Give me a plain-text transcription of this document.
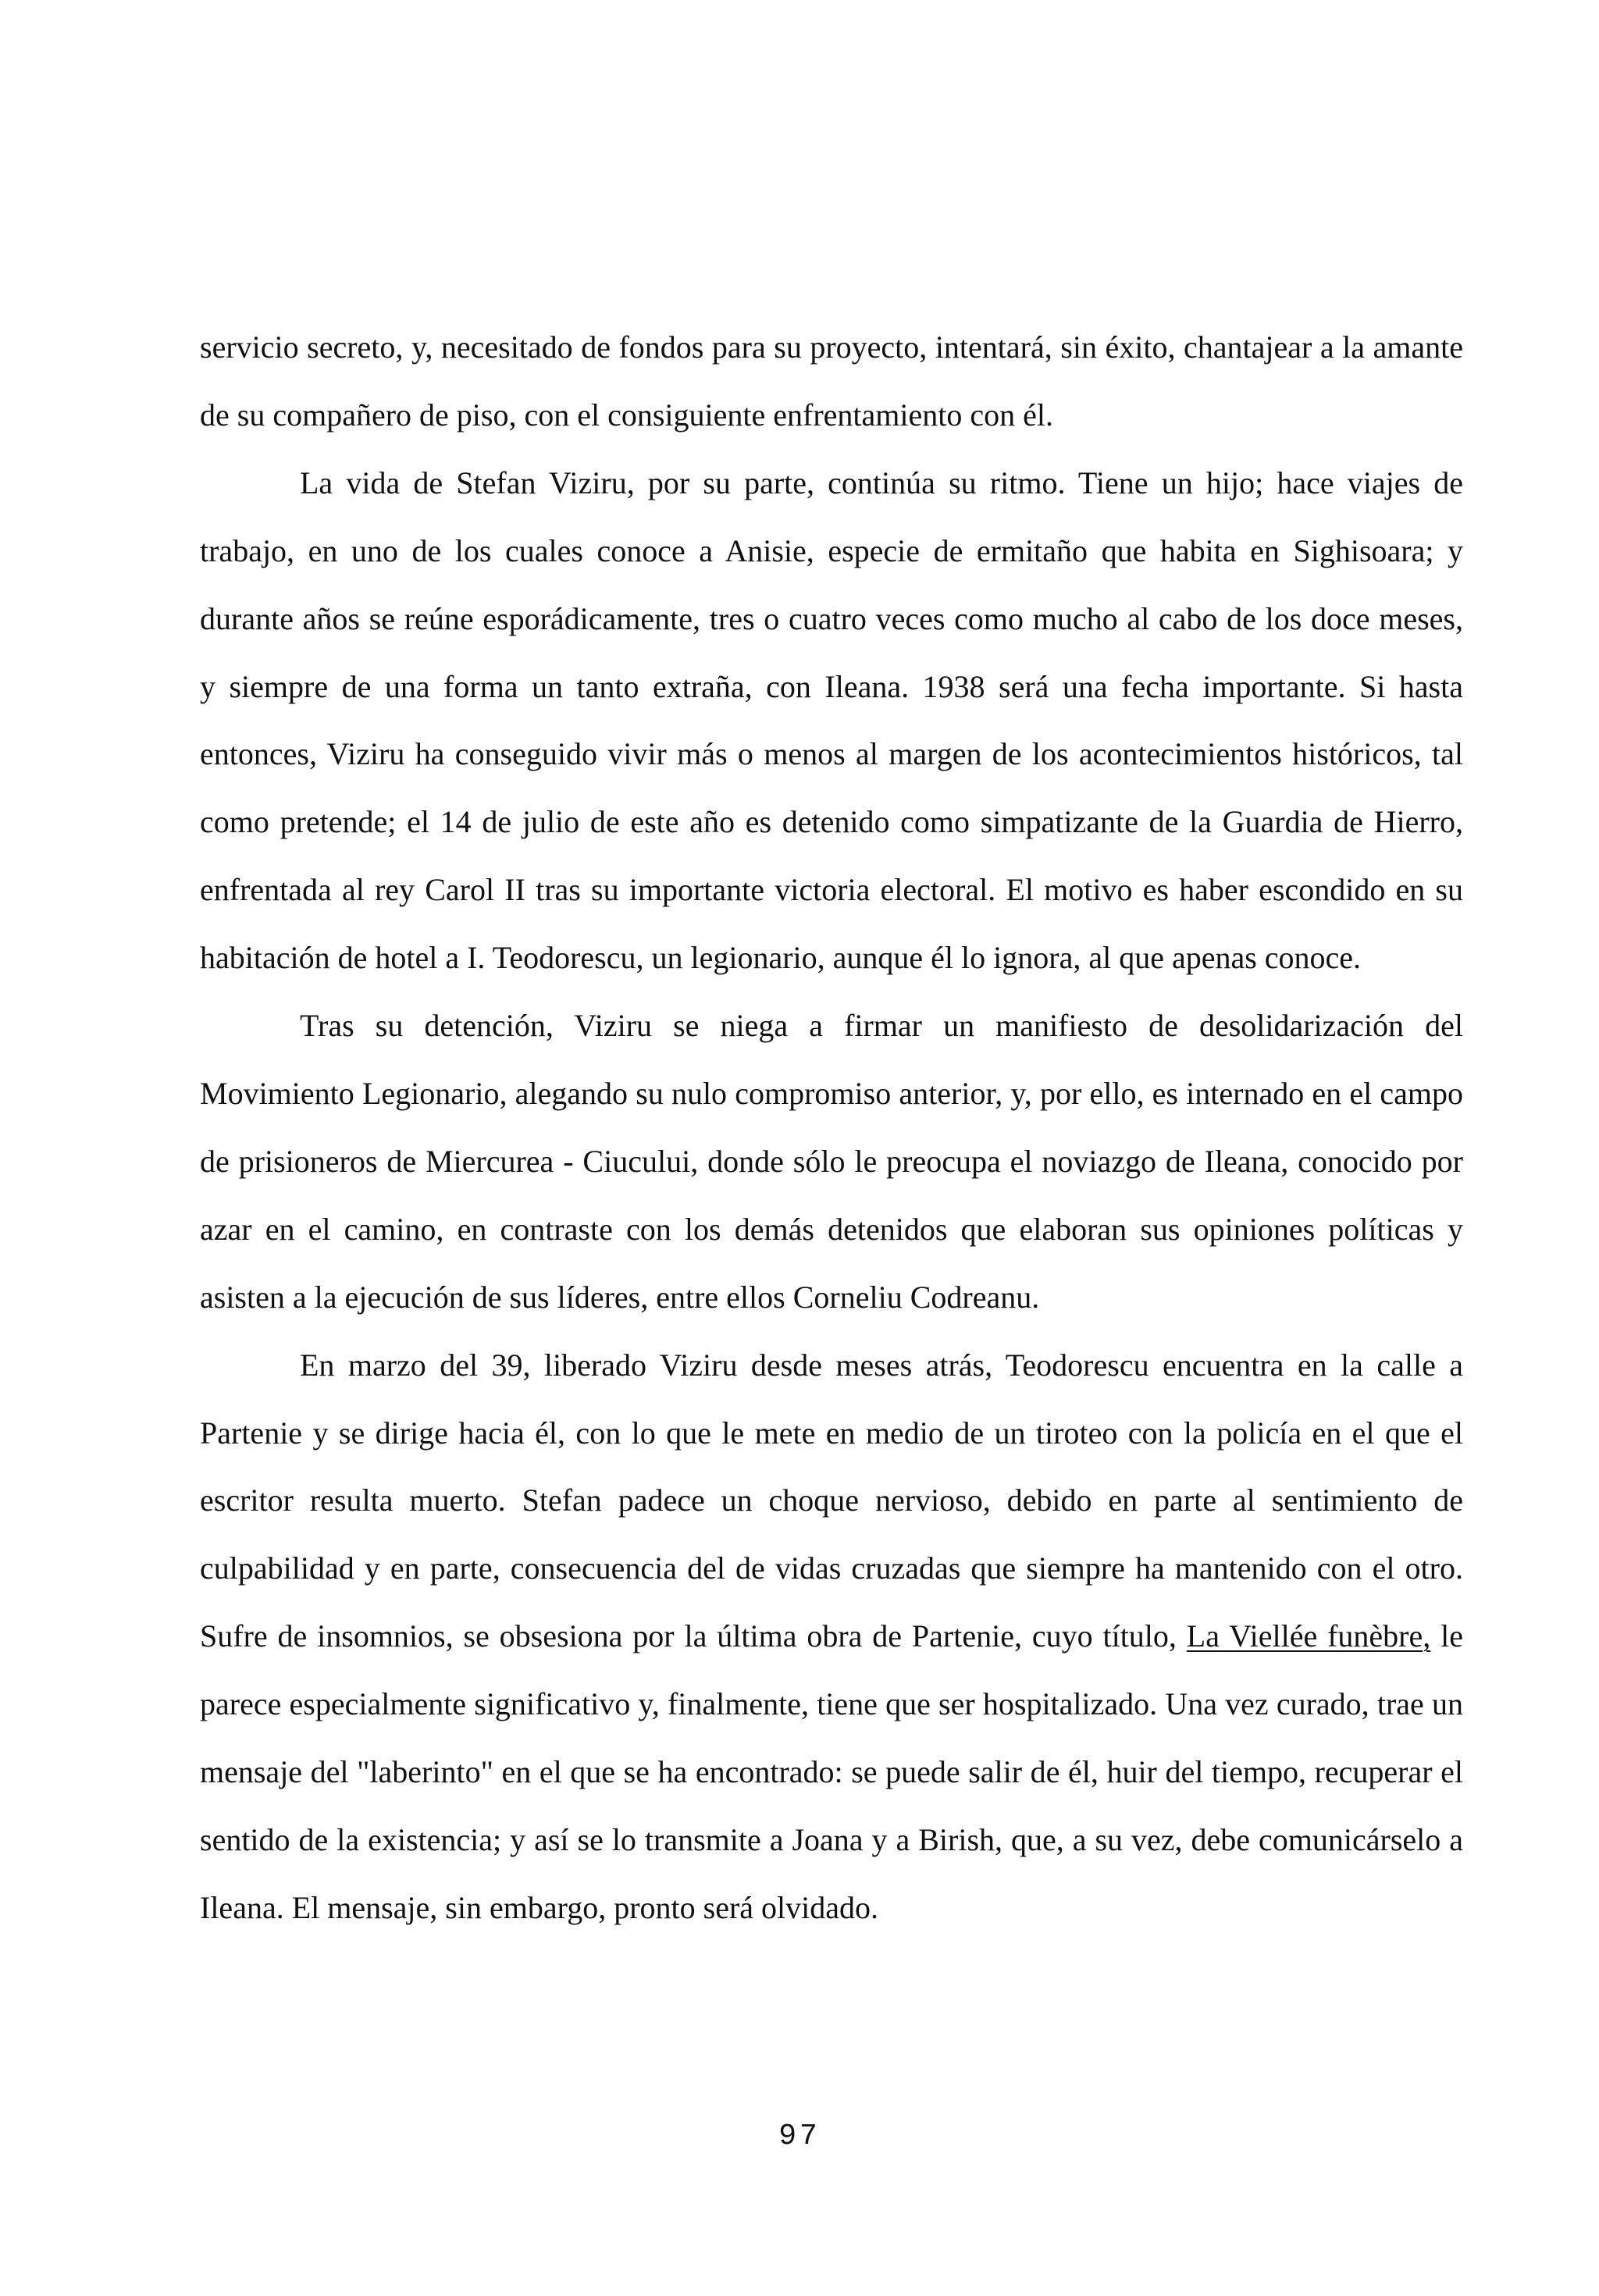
servicio secreto, y, necesitado de fondos para su proyecto, intentará, sin éxito, chantajear a la amante de su compañero de piso, con el consiguiente enfrentamiento con él.

La vida de Stefan Viziru, por su parte, continúa su ritmo. Tiene un hijo; hace viajes de trabajo, en uno de los cuales conoce a Anisie, especie de ermitaño que habita en Sighisoara; y durante años se reúne esporádicamente, tres o cuatro veces como mucho al cabo de los doce meses, y siempre de una forma un tanto extraña, con Ileana. 1938 será una fecha importante. Si hasta entonces, Viziru ha conseguido vivir más o menos al margen de los acontecimientos históricos, tal como pretende; el 14 de julio de este año es detenido como simpatizante de la Guardia de Hierro, enfrentada al rey Carol II tras su importante victoria electoral. El motivo es haber escondido en su habitación de hotel a I. Teodorescu, un legionario, aunque él lo ignora, al que apenas conoce.

Tras su detención, Viziru se niega a firmar un manifiesto de desolidarización del Movimiento Legionario, alegando su nulo compromiso anterior, y, por ello, es internado en el campo de prisioneros de Miercurea - Ciucului, donde sólo le preocupa el noviazgo de Ileana, conocido por azar en el camino, en contraste con los demás detenidos que elaboran sus opiniones políticas y asisten a la ejecución de sus líderes, entre ellos Corneliu Codreanu.

En marzo del 39, liberado Viziru desde meses atrás, Teodorescu encuentra en la calle a Partenie y se dirige hacia él, con lo que le mete en medio de un tiroteo con la policía en el que el escritor resulta muerto. Stefan padece un choque nervioso, debido en parte al sentimiento de culpabilidad y en parte, consecuencia del de vidas cruzadas que siempre ha mantenido con el otro. Sufre de insomnios, se obsesiona por la última obra de Partenie, cuyo título, La Viellée funèbre, le parece especialmente significativo y, finalmente, tiene que ser hospitalizado. Una vez curado, trae un mensaje del "laberinto" en el que se ha encontrado: se puede salir de él, huir del tiempo, recuperar el sentido de la existencia; y así se lo transmite a Joana y a Birish, que, a su vez, debe comunicárselo a Ileana. El mensaje, sin embargo, pronto será olvidado.

97
